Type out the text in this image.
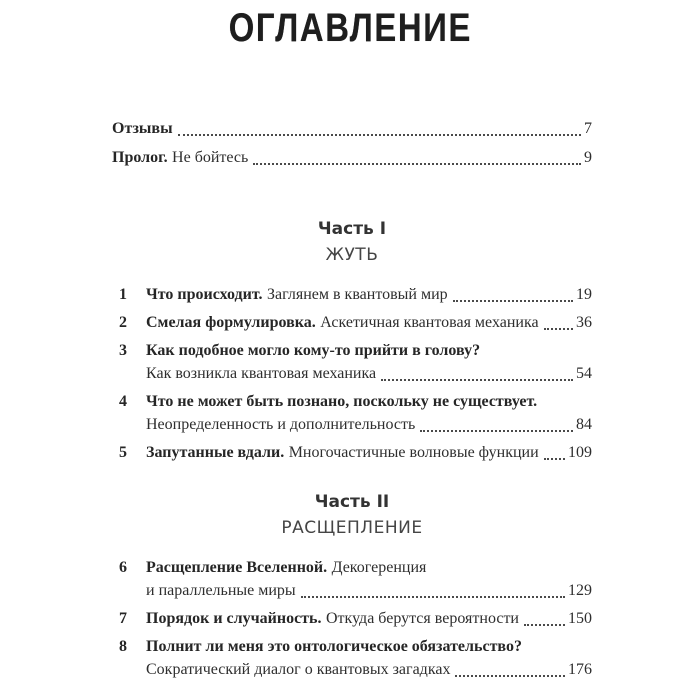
ОГЛАВЛЕНИЕ
Отзывы	7
Пролог. Не бойтесь	9
Часть I
ЖУТЬ
1	Что происходит. Заглянем в квантовый мир	19
2	Смелая формулировка. Аскетичная квантовая механика 36
3	Как подобное могло кому-то прийти в голову?
Как возникла квантовая механика	54
4	Что не может быть познано, поскольку не существует.
Неопределенность и дополнительность	84
5	Запутанные вдали. Многочастичные волновые функции 109
Часть II
РАСЩЕПЛЕНИЕ
6	Расщепление Вселенной. Декогеренция
и параллельные миры	129
7	Порядок и случайность. Откуда берутся вероятности	150
8	Полнит ли меня это онтологическое обязательство?
Сократический диалог о квантовых загадках	176
